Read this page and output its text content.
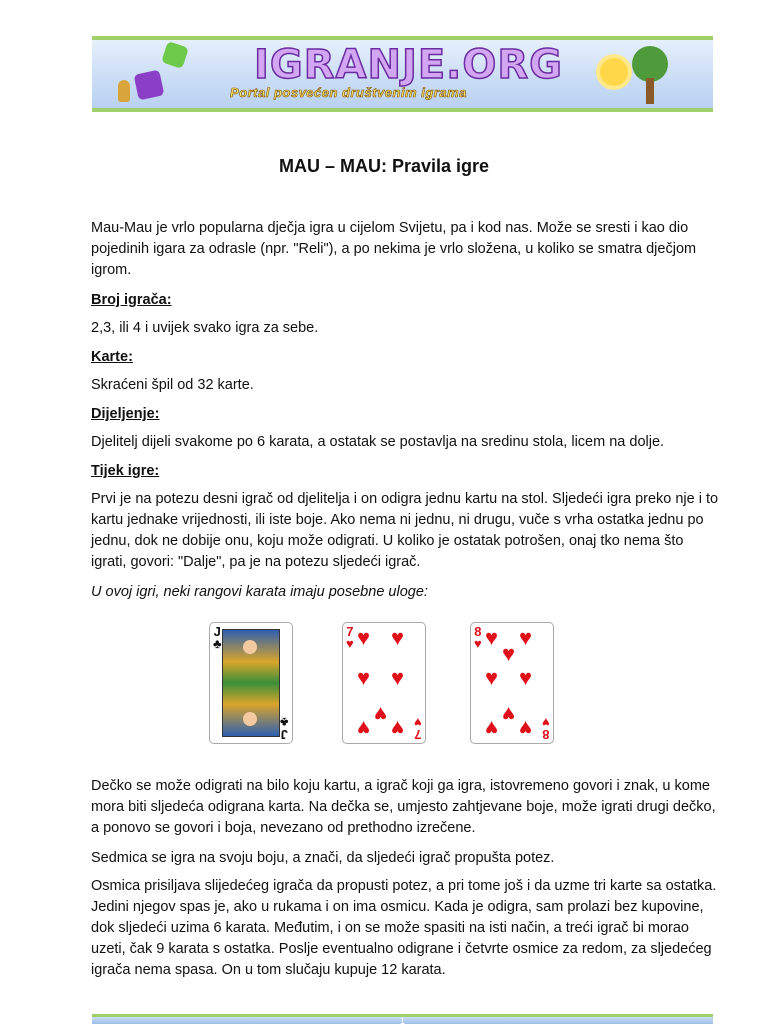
IGRANJE.ORG
Portal posvećen društvenim igrama
MAU – MAU: Pravila igre

Mau-Mau je vrlo popularna dječja igra u cijelom Svijetu, pa i kod nas. Može se sresti i kao dio pojedinih igara za odrasle (npr. "Reli"), a po nekima je vrlo složena, u koliko se smatra dječjom igrom.

Broj igrača:

2,3, ili 4 i uvijek svako igra za sebe.

Karte:

Skraćeni špil od 32 karte.

Dijeljenje:

Djelitelj dijeli svakome po 6 karata, a ostatak se postavlja na sredinu stola, licem na dolje.

Tijek igre:

Prvi je na potezu desni igrač od djelitelja i on odigra jednu kartu na stol. Sljedeći igra preko nje i to kartu jednake vrijednosti, ili iste boje. Ako nema ni jednu, ni drugu, vuče s vrha ostatka jednu po jednu, dok ne dobije onu, koju može odigrati. U koliko je ostatak potrošen, onaj tko nema što igrati, govori: "Dalje", pa je na potezu sljedeći igrač.

U ovoj igri, neki rangovi karata imaju posebne uloge:

J
♣
J
♣
7
♥ ♥ ♥
♥ ♥
♥
♥ ♥ 7
♥
8
♥ ♥ ♥
♥
♥ ♥
♥
♥ ♥ 8
♥

Dečko se može odigrati na bilo koju kartu, a igrač koji ga igra, istovremeno govori i znak, u kome mora biti sljedeća odigrana karta. Na dečka se, umjesto zahtjevane boje, može igrati drugi dečko, a ponovo se govori i boja, nevezano od prethodno izrečene.

Sedmica se igra na svoju boju, a znači, da sljedeći igrač propušta potez.

Osmica prisiljava slijedećeg igrača da propusti potez, a pri tome još i da uzme tri karte sa ostatka. Jedini njegov spas je, ako u rukama i on ima osmicu. Kada je odigra, sam prolazi bez kupovine, dok sljedeći uzima 6 karata. Međutim, i on se može spasiti na isti način, a treći igrač bi morao uzeti, čak 9 karata s ostatka. Poslje eventualno odigrane i četvrte osmice za redom, za sljedećeg igrača nema spasa. On u tom slučaju kupuje 12 karata.

1
